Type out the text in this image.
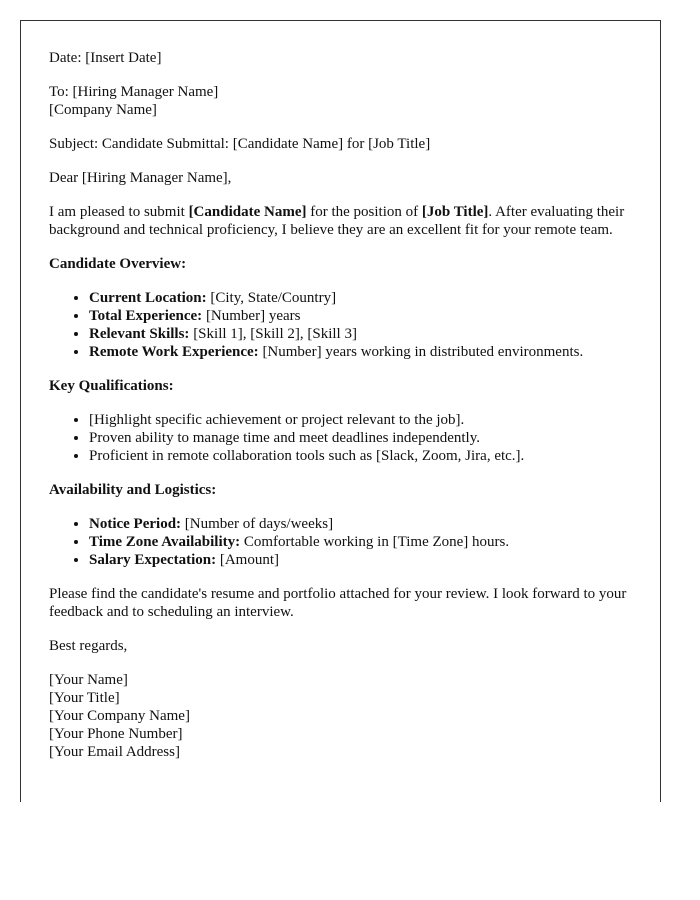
Date: [Insert Date]

To: [Hiring Manager Name]
[Company Name]

Subject: Candidate Submittal: [Candidate Name] for [Job Title]

Dear [Hiring Manager Name],

I am pleased to submit [Candidate Name] for the position of [Job Title]. After evaluating their background and technical proficiency, I believe they are an excellent fit for your remote team.

Candidate Overview:

• Current Location: [City, State/Country]
• Total Experience: [Number] years
• Relevant Skills: [Skill 1], [Skill 2], [Skill 3]
• Remote Work Experience: [Number] years working in distributed environments.

Key Qualifications:

• [Highlight specific achievement or project relevant to the job].
• Proven ability to manage time and meet deadlines independently.
• Proficient in remote collaboration tools such as [Slack, Zoom, Jira, etc.].

Availability and Logistics:

• Notice Period: [Number of days/weeks]
• Time Zone Availability: Comfortable working in [Time Zone] hours.
• Salary Expectation: [Amount]

Please find the candidate's resume and portfolio attached for your review. I look forward to your feedback and to scheduling an interview.

Best regards,

[Your Name]
[Your Title]
[Your Company Name]
[Your Phone Number]
[Your Email Address]
